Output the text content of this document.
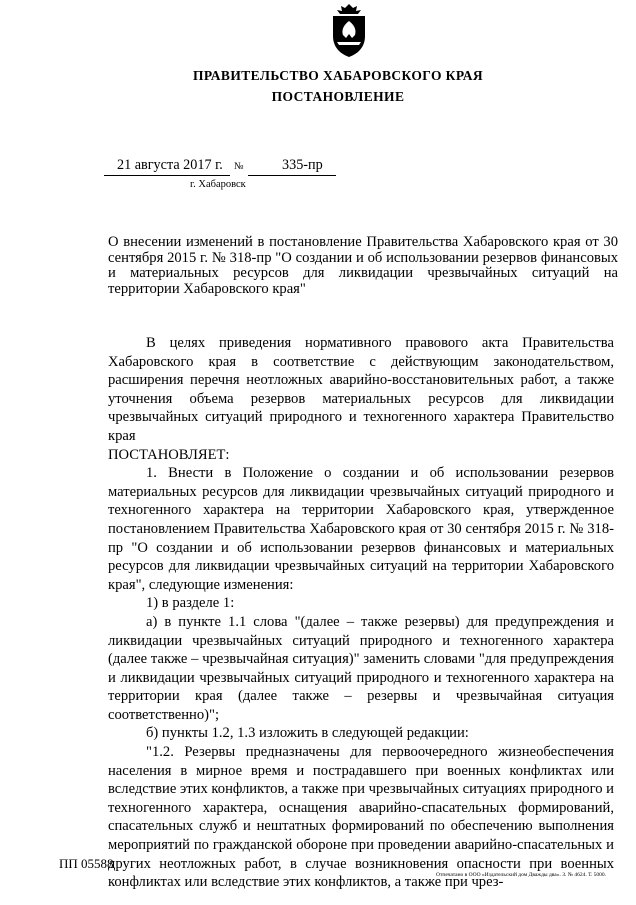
ПРАВИТЕЛЬСТВО ХАБАРОВСКОГО КРАЯ
ПОСТАНОВЛЕНИЕ
21 августа 2017 г. №	335-пр
г. Хабаровск
О внесении изменений в постановление Правительства Хабаровского края от 30 сентября 2015 г. № 318-пр "О создании и об использовании резервов финансовых и материальных ресурсов для ликвидации чрезвычайных ситуаций на территории Хабаровского края"

В целях приведения нормативного правового акта Правительства Хабаровского края в соответствие с действующим законодательством, расширения перечня неотложных аварийно-восстановительных работ, а также уточнения объема резервов материальных ресурсов для ликвидации чрезвычайных ситуаций природного и техногенного характера Правительство края

ПОСТАНОВЛЯЕТ:

1. Внести в Положение о создании и об использовании резервов материальных ресурсов для ликвидации чрезвычайных ситуаций природного и техногенного характера на территории Хабаровского края, утвержденное постановлением Правительства Хабаровского края от 30 сентября 2015 г. № 318-пр "О создании и об использовании резервов финансовых и материальных ресурсов для ликвидации чрезвычайных ситуаций на территории Хабаровского края", следующие изменения:

1) в разделе 1:

а) в пункте 1.1 слова "(далее – также резервы) для предупреждения и ликвидации чрезвычайных ситуаций природного и техногенного характера (далее также – чрезвычайная ситуация)" заменить словами "для предупреждения и ликвидации чрезвычайных ситуаций природного и техногенного характера на территории края (далее также – резервы и чрезвычайная ситуация соответственно)";

б) пункты 1.2, 1.3 изложить в следующей редакции:

"1.2. Резервы предназначены для первоочередного жизнеобеспечения населения в мирное время и пострадавшего при военных конфликтах или вследствие этих конфликтов, а также при чрезвычайных ситуациях природного и техногенного характера, оснащения аварийно-спасательных формирований, спасательных служб и нештатных формирований по обеспечению выполнения мероприятий по гражданской обороне при проведении аварийно-спасательных и других неотложных работ, в случае возникновения опасности при военных конфликтах или вследствие этих конфликтов, а также при чрез-

ПП 05588
Отпечатано в ООО «Издательский дом Дважды два». З. № 4624. Т. 5000.
